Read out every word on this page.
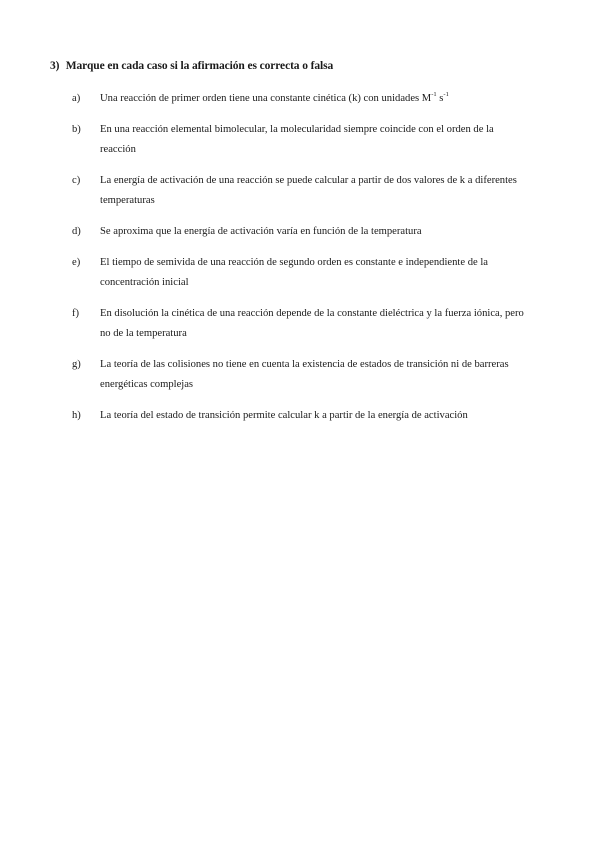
3) Marque en cada caso si la afirmación es correcta o falsa
a)	Una reacción de primer orden tiene una constante cinética (k) con unidades $M^{-1}$ $s^{-1}$
b)	En una reacción elemental bimolecular, la molecularidad siempre coincide con el orden de la reacción
c)	La energía de activación de una reacción se puede calcular a partir de dos valores de k a diferentes temperaturas
d)	Se aproxima que la energía de activación varía en función de la temperatura
e)	El tiempo de semivida de una reacción de segundo orden es constante e independiente de la concentración inicial
f)	En disolución la cinética de una reacción depende de la constante dieléctrica y la fuerza iónica, pero no de la temperatura
g)	La teoría de las colisiones no tiene en cuenta la existencia de estados de transición ni de barreras energéticas complejas
h)	La teoría del estado de transición permite calcular k a partir de la energía de activación
